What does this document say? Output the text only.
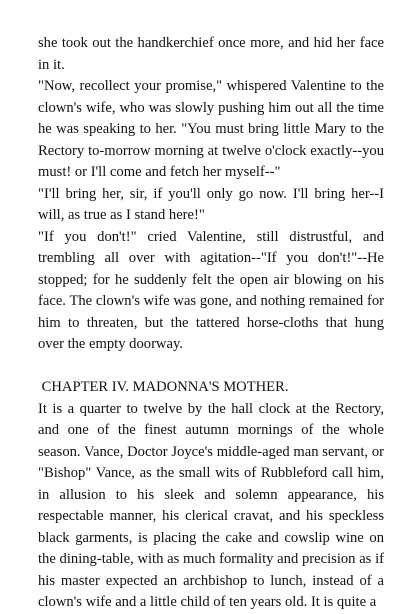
she took out the handkerchief once more, and hid her face in it.

"Now, recollect your promise," whispered Valentine to the clown's wife, who was slowly pushing him out all the time he was speaking to her. "You must bring little Mary to the Rectory to-morrow morning at twelve o'clock exactly--you must! or I'll come and fetch her myself--"

"I'll bring her, sir, if you'll only go now. I'll bring her--I will, as true as I stand here!"

"If you don't!" cried Valentine, still distrustful, and trembling all over with agitation--"If you don't!"--He stopped; for he suddenly felt the open air blowing on his face. The clown's wife was gone, and nothing remained for him to threaten, but the tattered horse-cloths that hung over the empty doorway.

CHAPTER IV. MADONNA'S MOTHER.

It is a quarter to twelve by the hall clock at the Rectory, and one of the finest autumn mornings of the whole season. Vance, Doctor Joyce's middle-aged man servant, or "Bishop" Vance, as the small wits of Rubbleford call him, in allusion to his sleek and solemn appearance, his respectable manner, his clerical cravat, and his speckless black garments, is placing the cake and cowslip wine on the dining-table, with as much formality and precision as if his master expected an archbishop to lunch, instead of a clown's wife and a little child of ten years old. It is quite a
